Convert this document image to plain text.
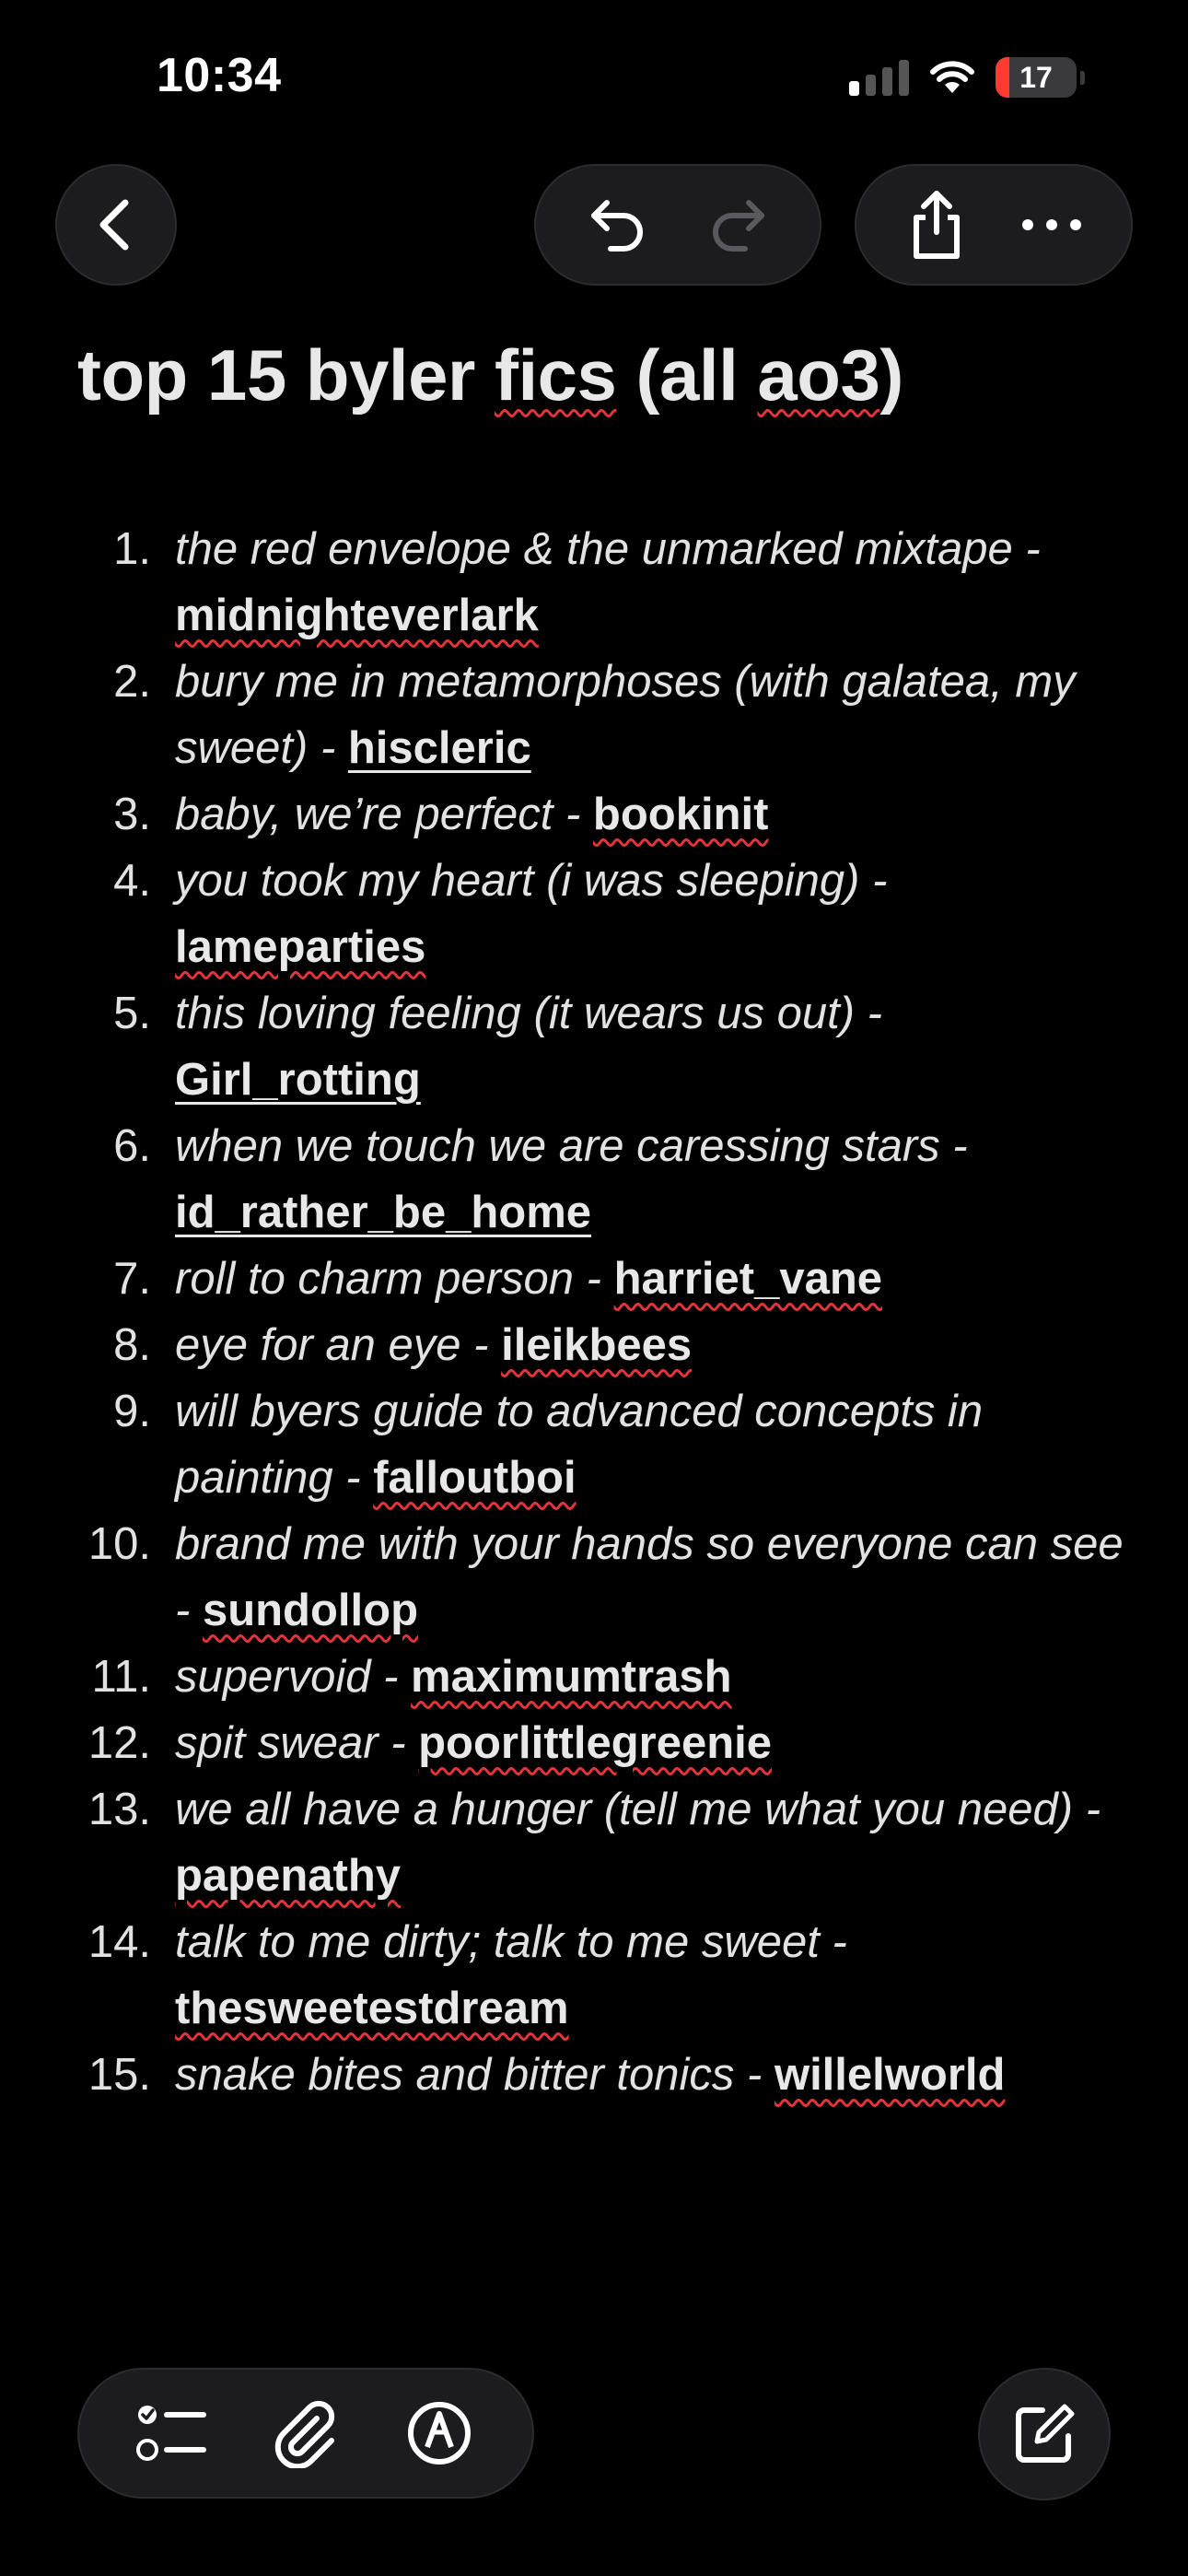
10:34	17
top 15 byler fics (all ao3)
1. the red envelope & the unmarked mixtape - midnighteverlark
2. bury me in metamorphoses (with galatea, my sweet) - hiscleric
3. baby, we’re perfect - bookinit
4. you took my heart (i was sleeping) - lameparties
5. this loving feeling (it wears us out) - Girl_rotting
6. when we touch we are caressing stars - id_rather_be_home
7. roll to charm person - harriet_vane
8. eye for an eye - ileikbees
9. will byers guide to advanced concepts in painting - falloutboi
10. brand me with your hands so everyone can see - sundollop
11. supervoid - maximumtrash
12. spit swear - poorlittlegreenie
13. we all have a hunger (tell me what you need) - papenathy
14. talk to me dirty; talk to me sweet - thesweetestdream
15. snake bites and bitter tonics - willelworld
